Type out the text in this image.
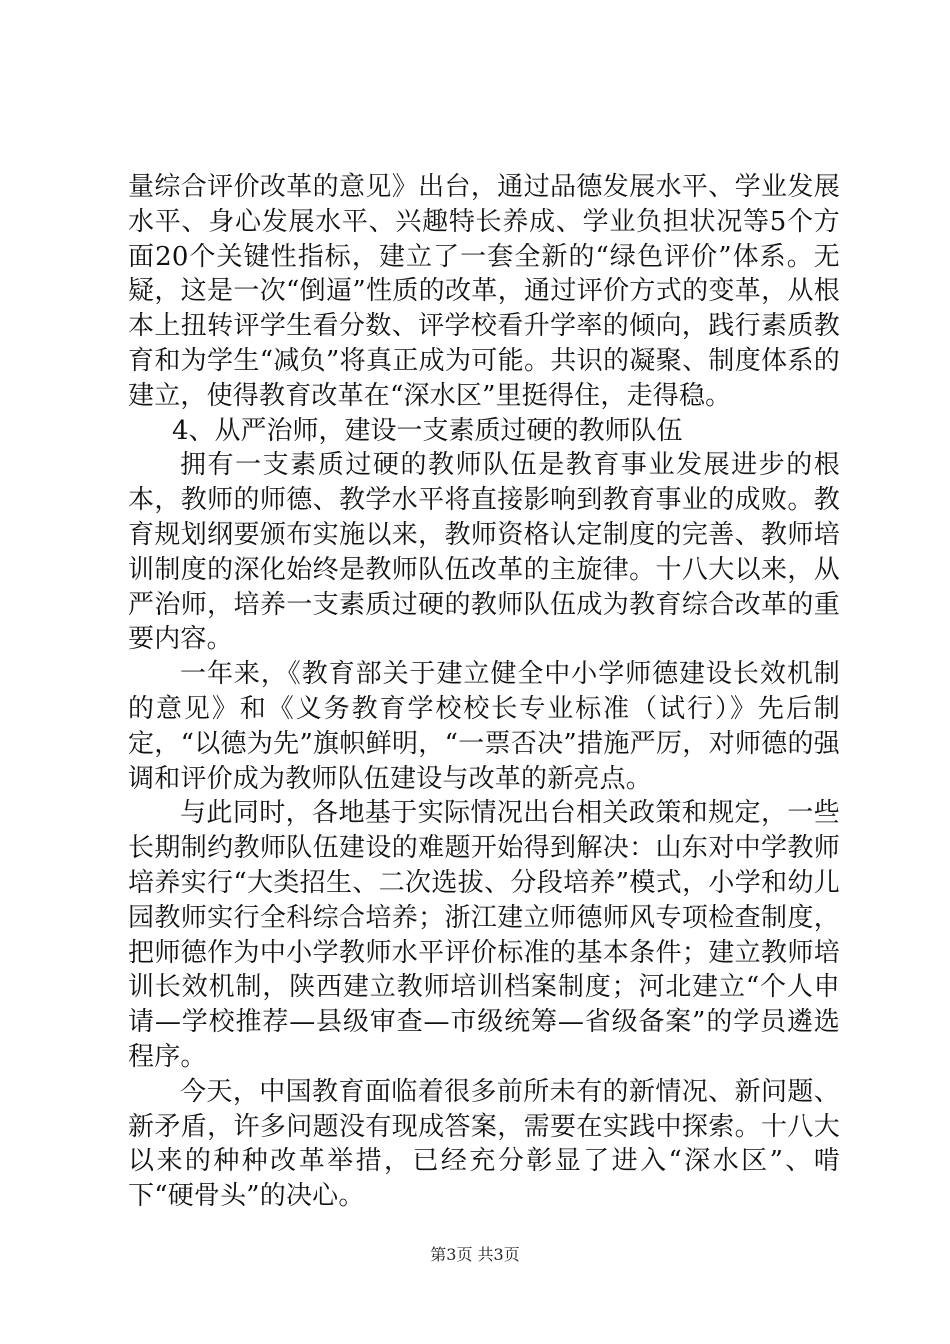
量综合评价改革的意见》出台，通过品德发展水平、学业发展水平、身心发展水平、兴趣特长养成、学业负担状况等5个方面20个关键性指标，建立了一套全新的“绿色评价”体系。无疑，这是一次“倒逼”性质的改革，通过评价方式的变革，从根本上扭转评学生看分数、评学校看升学率的倾向，践行素质教育和为学生“减负”将真正成为可能。共识的凝聚、制度体系的建立，使得教育改革在“深水区”里挺得住，走得稳。

4、从严治师，建设一支素质过硬的教师队伍

拥有一支素质过硬的教师队伍是教育事业发展进步的根本，教师的师德、教学水平将直接影响到教育事业的成败。教育规划纲要颁布实施以来，教师资格认定制度的完善、教师培训制度的深化始终是教师队伍改革的主旋律。十八大以来，从严治师，培养一支素质过硬的教师队伍成为教育综合改革的重要内容。

一年来，《教育部关于建立健全中小学师德建设长效机制的意见》和《义务教育学校校长专业标准（试行）》先后制定，“以德为先”旗帜鲜明，“一票否决”措施严厉，对师德的强调和评价成为教师队伍建设与改革的新亮点。

与此同时，各地基于实际情况出台相关政策和规定，一些长期制约教师队伍建设的难题开始得到解决：山东对中学教师培养实行“大类招生、二次选拔、分段培养”模式，小学和幼儿园教师实行全科综合培养；浙江建立师德师风专项检查制度，把师德作为中小学教师水平评价标准的基本条件；建立教师培训长效机制，陕西建立教师培训档案制度；河北建立“个人申请—学校推荐—县级审查—市级统筹—省级备案”的学员遴选程序。

今天，中国教育面临着很多前所未有的新情况、新问题、新矛盾，许多问题没有现成答案，需要在实践中探索。十八大以来的种种改革举措，已经充分彰显了进入“深水区”、啃下“硬骨头”的决心。

第3页 共3页
